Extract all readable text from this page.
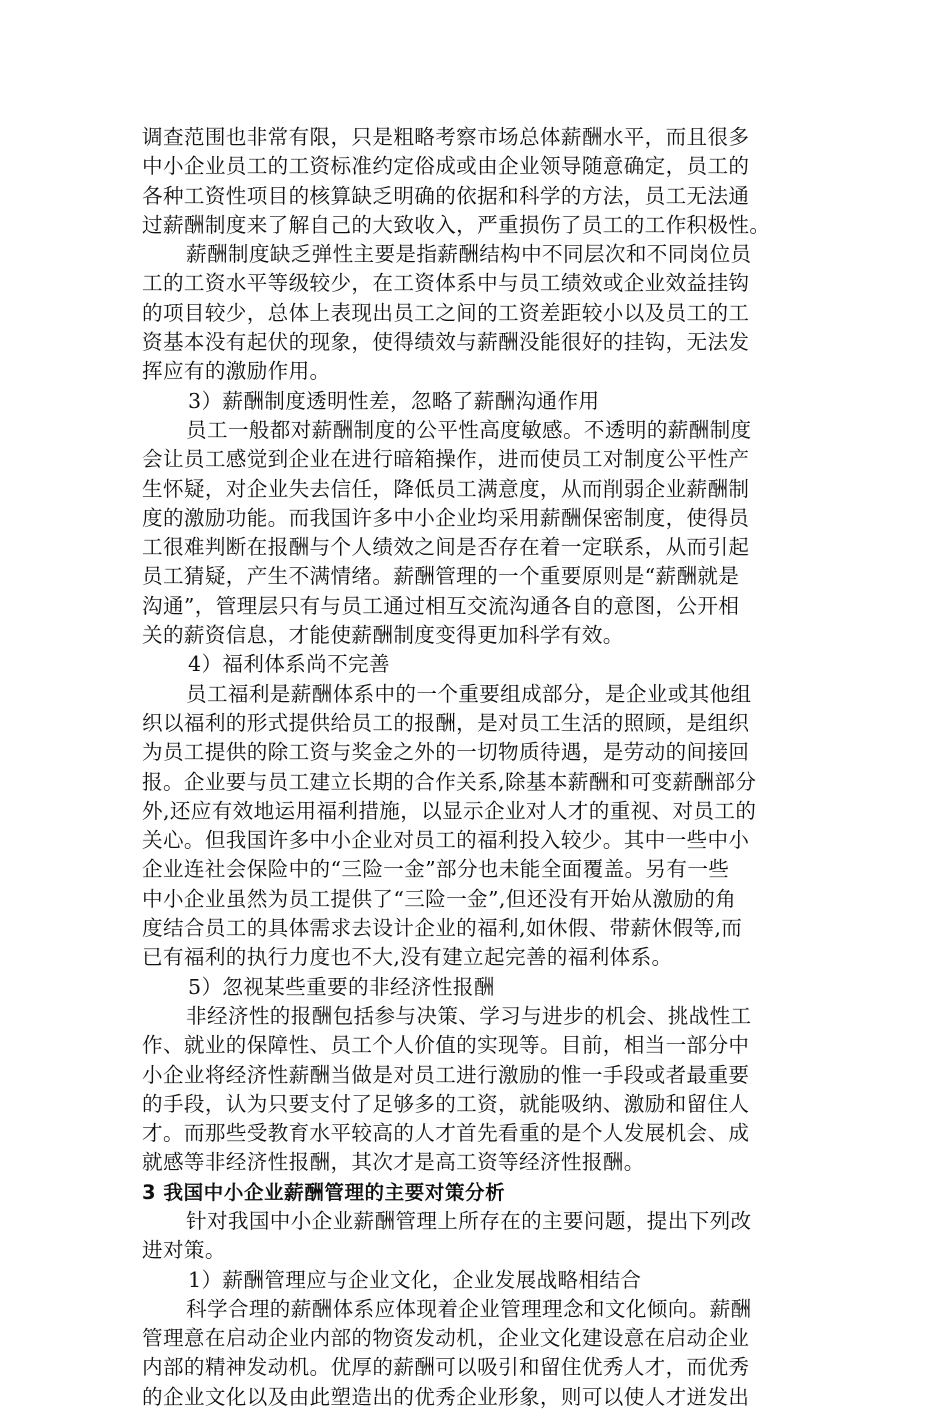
调查范围也非常有限，只是粗略考察市场总体薪酬水平，而且很多
中小企业员工的工资标准约定俗成或由企业领导随意确定，员工的
各种工资性项目的核算缺乏明确的依据和科学的方法，员工无法通
过薪酬制度来了解自己的大致收入，严重损伤了员工的工作积极性。
薪酬制度缺乏弹性主要是指薪酬结构中不同层次和不同岗位员
工的工资水平等级较少，在工资体系中与员工绩效或企业效益挂钩
的项目较少，总体上表现出员工之间的工资差距较小以及员工的工
资基本没有起伏的现象，使得绩效与薪酬没能很好的挂钩，无法发
挥应有的激励作用。
3）薪酬制度透明性差，忽略了薪酬沟通作用
员工一般都对薪酬制度的公平性高度敏感。不透明的薪酬制度
会让员工感觉到企业在进行暗箱操作，进而使员工对制度公平性产
生怀疑，对企业失去信任，降低员工满意度，从而削弱企业薪酬制
度的激励功能。而我国许多中小企业均采用薪酬保密制度，使得员
工很难判断在报酬与个人绩效之间是否存在着一定联系，从而引起
员工猜疑，产生不满情绪。薪酬管理的一个重要原则是“薪酬就是
沟通”，管理层只有与员工通过相互交流沟通各自的意图，公开相
关的薪资信息，才能使薪酬制度变得更加科学有效。
4）福利体系尚不完善
员工福利是薪酬体系中的一个重要组成部分，是企业或其他组
织以福利的形式提供给员工的报酬，是对员工生活的照顾，是组织
为员工提供的除工资与奖金之外的一切物质待遇，是劳动的间接回
报。企业要与员工建立长期的合作关系,除基本薪酬和可变薪酬部分
外,还应有效地运用福利措施，以显示企业对人才的重视、对员工的
关心。但我国许多中小企业对员工的福利投入较少。其中一些中小
企业连社会保险中的“三险一金”部分也未能全面覆盖。另有一些
中小企业虽然为员工提供了“三险一金”,但还没有开始从激励的角
度结合员工的具体需求去设计企业的福利,如休假、带薪休假等,而
已有福利的执行力度也不大,没有建立起完善的福利体系。
5）忽视某些重要的非经济性报酬
非经济性的报酬包括参与决策、学习与进步的机会、挑战性工
作、就业的保障性、员工个人价值的实现等。目前，相当一部分中
小企业将经济性薪酬当做是对员工进行激励的惟一手段或者最重要
的手段，认为只要支付了足够多的工资，就能吸纳、激励和留住人
才。而那些受教育水平较高的人才首先看重的是个人发展机会、成
就感等非经济性报酬，其次才是高工资等经济性报酬。
3 我国中小企业薪酬管理的主要对策分析
针对我国中小企业薪酬管理上所存在的主要问题，提出下列改
进对策。
1）薪酬管理应与企业文化，企业发展战略相结合
科学合理的薪酬体系应体现着企业管理理念和文化倾向。薪酬
管理意在启动企业内部的物资发动机，企业文化建设意在启动企业
内部的精神发动机。优厚的薪酬可以吸引和留住优秀人才，而优秀
的企业文化以及由此塑造出的优秀企业形象，则可以使人才迸发出
